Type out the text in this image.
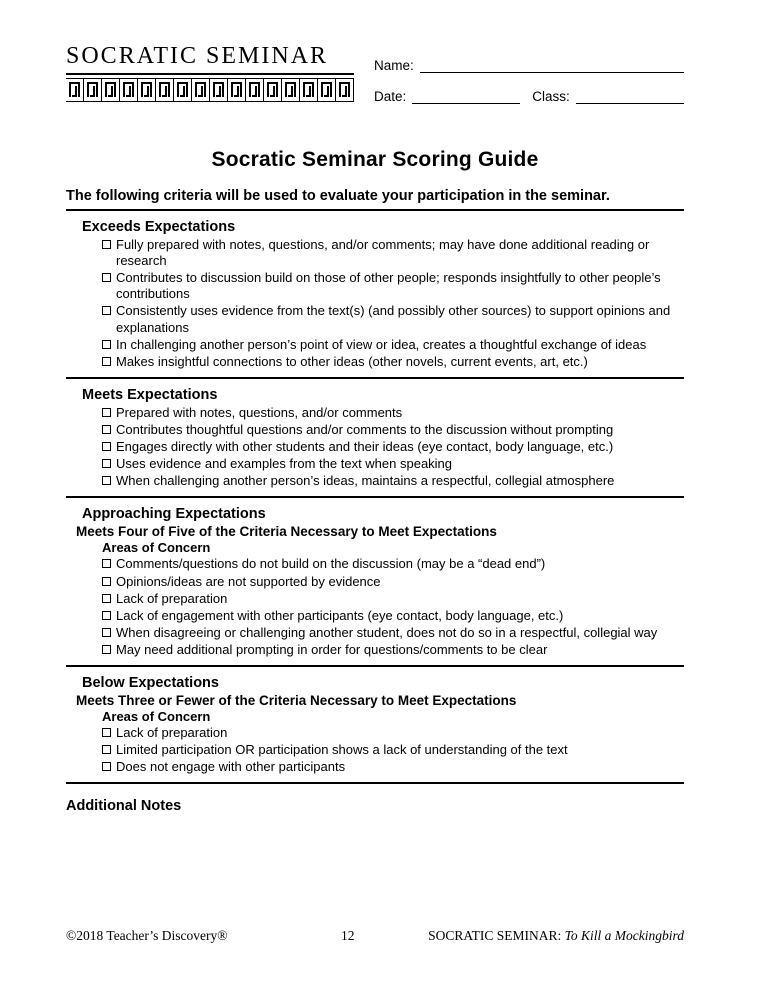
SOCRATIC SEMINAR	Name:
Date:	Class:
Socratic Seminar Scoring Guide
The following criteria will be used to evaluate your participation in the seminar.
Exceeds Expectations
Fully prepared with notes, questions, and/or comments; may have done additional reading or research
Contributes to discussion build on those of other people; responds insightfully to other people’s contributions
Consistently uses evidence from the text(s) (and possibly other sources) to support opinions and explanations
In challenging another person’s point of view or idea, creates a thoughtful exchange of ideas
Makes insightful connections to other ideas (other novels, current events, art, etc.)
Meets Expectations
Prepared with notes, questions, and/or comments
Contributes thoughtful questions and/or comments to the discussion without prompting
Engages directly with other students and their ideas (eye contact, body language, etc.)
Uses evidence and examples from the text when speaking
When challenging another person’s ideas, maintains a respectful, collegial atmosphere
Approaching Expectations
Meets Four of Five of the Criteria Necessary to Meet Expectations
Areas of Concern
Comments/questions do not build on the discussion (may be a “dead end”)
Opinions/ideas are not supported by evidence
Lack of preparation
Lack of engagement with other participants (eye contact, body language, etc.)
When disagreeing or challenging another student, does not do so in a respectful, collegial way
May need additional prompting in order for questions/comments to be clear
Below Expectations
Meets Three or Fewer of the Criteria Necessary to Meet Expectations
Areas of Concern
Lack of preparation
Limited participation OR participation shows a lack of understanding of the text
Does not engage with other participants
Additional Notes
©2018 Teacher’s Discovery®	12	SOCRATIC SEMINAR: To Kill a Mockingbird
